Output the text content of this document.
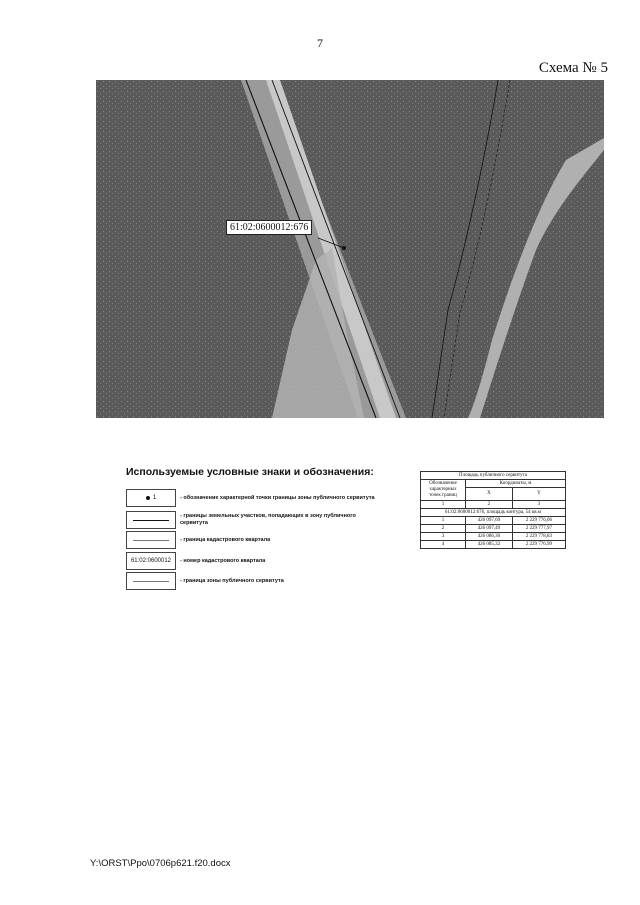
7
Схема № 5
61:02:0600012:676
Используемые условные знаки и обозначения:
1	- обозначение характерной точки границы зоны публичного сервитута
- границы земельных участков, попадающих в зону публичного сервитута
- граница кадастрового квартала
61:02:0600012 - номер кадастрового квартала
- граница зоны публичного сервитута
Площадь публичного сервитута		
Обозначение характерных точек границ	Координаты, м	
	X	Y
1	2	3
61:02:0600012:676, площадь контура, 54 кв.м		
1	426 097,69	2 229 776,06
2	426 097,49	2 229 777,97
3	426 086,30	2 229 778,83
4	426 085,32	2 229 776,99
Y:\ORST\Ppo\0706p621.f20.docx
